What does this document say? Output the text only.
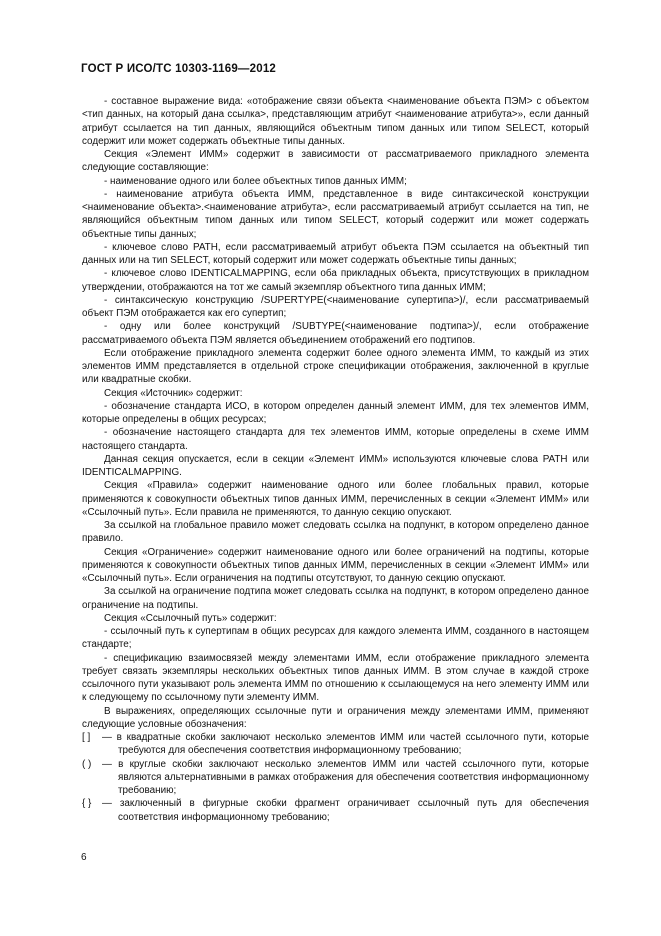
ГОСТ Р ИСО/ТС 10303-1169—2012

- составное выражение вида: «отображение связи объекта <наименование объекта ПЭМ> с объектом <тип данных, на который дана ссылка>, представляющим атрибут <наименование атрибута>», если данный атрибут ссылается на тип данных, являющийся объектным типом данных или типом SELECT, который содержит или может содержать объектные типы данных.

Секция «Элемент ИММ» содержит в зависимости от рассматриваемого прикладного элемента следующие составляющие:

- наименование одного или более объектных типов данных ИММ;

- наименование атрибута объекта ИММ, представленное в виде синтаксической конструкции <наименование объекта>.<наименование атрибута>, если рассматриваемый атрибут ссылается на тип, не являющийся объектным типом данных или типом SELECT, который содержит или может содержать объектные типы данных;

- ключевое слово PATH, если рассматриваемый атрибут объекта ПЭМ ссылается на объектный тип данных или на тип SELECT, который содержит или может содержать объектные типы данных;

- ключевое слово IDENTICALMAPPING, если оба прикладных объекта, присутствующих в прикладном утверждении, отображаются на тот же самый экземпляр объектного типа данных ИММ;

- синтаксическую конструкцию /SUPERTYPE(<наименование супертипа>)/, если рассматриваемый объект ПЭМ отображается как его супертип;

- одну или более конструкций /SUBTYPE(<наименование подтипа>)/, если отображение рассматриваемого объекта ПЭМ является объединением отображений его подтипов.

Если отображение прикладного элемента содержит более одного элемента ИММ, то каждый из этих элементов ИММ представляется в отдельной строке спецификации отображения, заключенной в круглые или квадратные скобки.

Секция «Источник» содержит:

- обозначение стандарта ИСО, в котором определен данный элемент ИММ, для тех элементов ИММ, которые определены в общих ресурсах;

- обозначение настоящего стандарта для тех элементов ИММ, которые определены в схеме ИММ настоящего стандарта.

Данная секция опускается, если в секции «Элемент ИММ» используются ключевые слова PATH или IDENTICALMAPPING.

Секция «Правила» содержит наименование одного или более глобальных правил, которые применяются к совокупности объектных типов данных ИММ, перечисленных в секции «Элемент ИММ» или «Ссылочный путь». Если правила не применяются, то данную секцию опускают.

За ссылкой на глобальное правило может следовать ссылка на подпункт, в котором определено данное правило.

Секция «Ограничение» содержит наименование одного или более ограничений на подтипы, которые применяются к совокупности объектных типов данных ИММ, перечисленных в секции «Элемент ИММ» или «Ссылочный путь». Если ограничения на подтипы отсутствуют, то данную секцию опускают.

За ссылкой на ограничение подтипа может следовать ссылка на подпункт, в котором определено данное ограничение на подтипы.

Секция «Ссылочный путь» содержит:

- ссылочный путь к супертипам в общих ресурсах для каждого элемента ИММ, созданного в настоящем стандарте;

- спецификацию взаимосвязей между элементами ИММ, если отображение прикладного элемента требует связать экземпляры нескольких объектных типов данных ИММ. В этом случае в каждой строке ссылочного пути указывают роль элемента ИММ по отношению к ссылающемуся на него элементу ИММ или к следующему по ссылочному пути элементу ИММ.

В выражениях, определяющих ссылочные пути и ограничения между элементами ИММ, применяют следующие условные обозначения:

[ ]	— в квадратные скобки заключают несколько элементов ИММ или частей ссылочного пути, которые требуются для обеспечения соответствия информационному требованию;
( )	— в круглые скобки заключают несколько элементов ИММ или частей ссылочного пути, которые являются альтернативными в рамках отображения для обеспечения соответствия информационному требованию;
{ }	— заключенный в фигурные скобки фрагмент ограничивает ссылочный путь для обеспечения соответствия информационному требованию;
6
